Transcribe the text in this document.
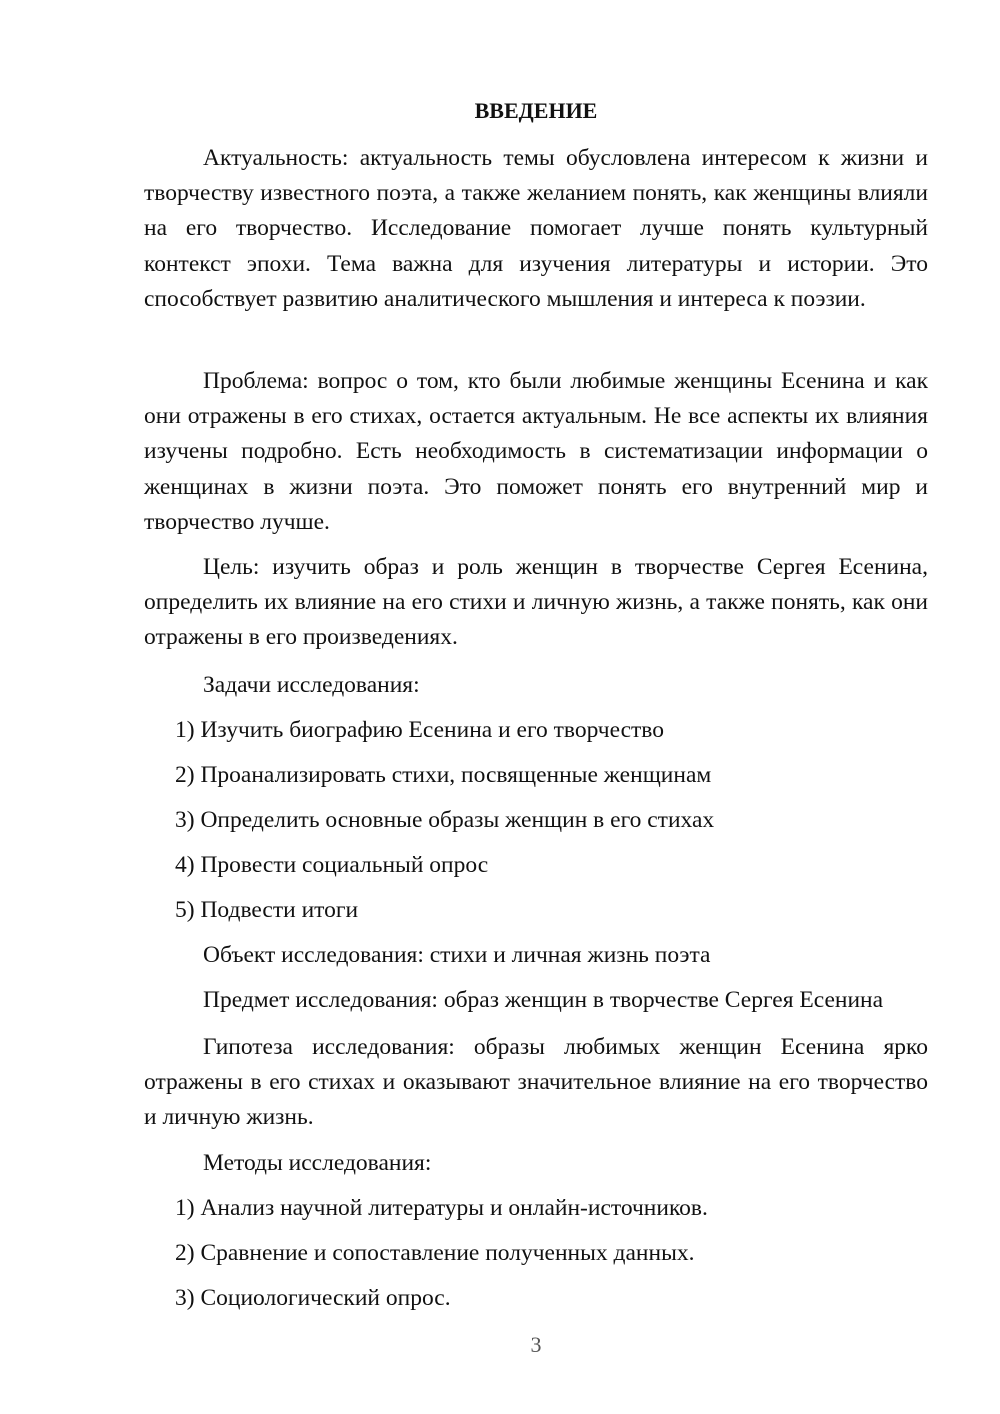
ВВЕДЕНИЕ

Актуальность: актуальность темы обусловлена интересом к жизни и творчеству известного поэта, а также желанием понять, как женщины влияли на его творчество. Исследование помогает лучше понять культурный контекст эпохи. Тема важна для изучения литературы и истории. Это способствует развитию аналитического мышления и интереса к поэзии.

Проблема: вопрос о том, кто были любимые женщины Есенина и как они отражены в его стихах, остается актуальным. Не все аспекты их влияния изучены подробно. Есть необходимость в систематизации информации о женщинах в жизни поэта. Это поможет понять его внутренний мир и творчество лучше.

Цель: изучить образ и роль женщин в творчестве Сергея Есенина, определить их влияние на его стихи и личную жизнь, а также понять, как они отражены в его произведениях.

Задачи исследования:

1) Изучить биографию Есенина и его творчество

2) Проанализировать стихи, посвященные женщинам

3) Определить основные образы женщин в его стихах

4) Провести социальный опрос

5) Подвести итоги

Объект исследования: стихи и личная жизнь поэта

Предмет исследования: образ женщин в творчестве Сергея Есенина

Гипотеза исследования: образы любимых женщин Есенина ярко отражены в его стихах и оказывают значительное влияние на его творчество и личную жизнь.

Методы исследования:

1) Анализ научной литературы и онлайн-источников.

2) Сравнение и сопоставление полученных данных.

3) Социологический опрос.

3
